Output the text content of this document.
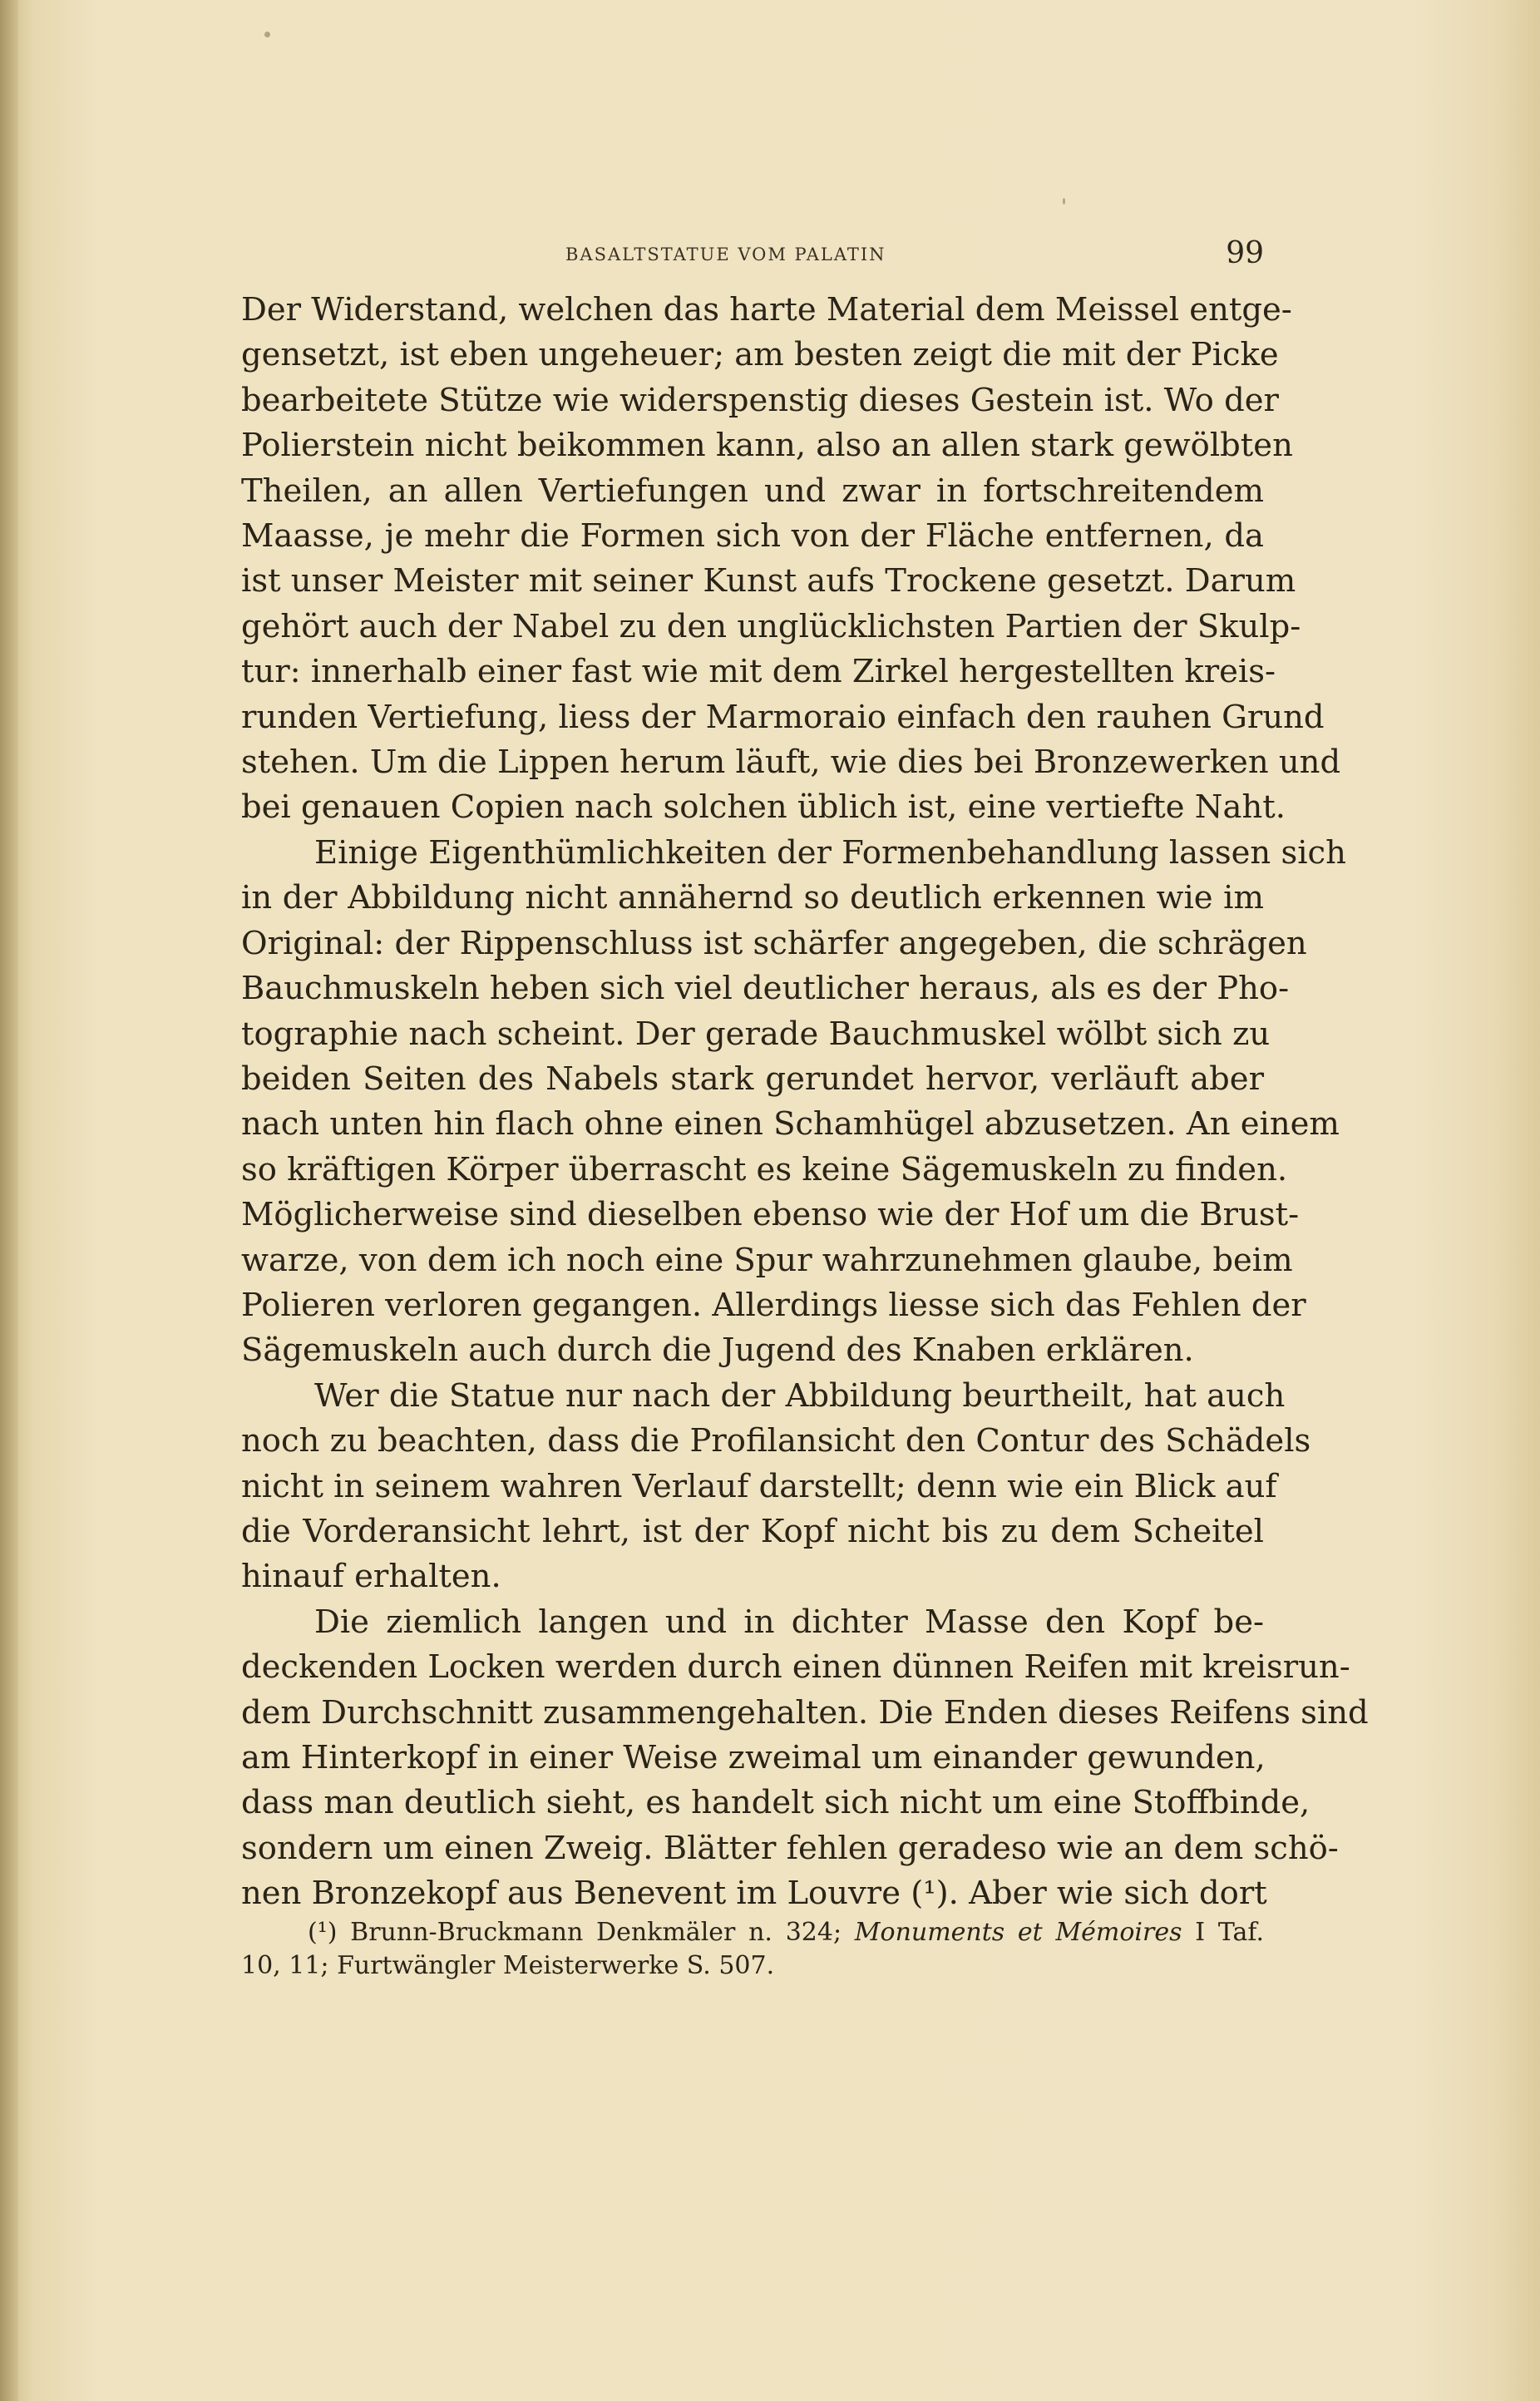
BASALTSTATUE VOM PALATIN	99
Der Widerstand, welchen das harte Material dem Meissel entge-
gensetzt, ist eben ungeheuer; am besten zeigt die mit der Picke
bearbeitete Stütze wie widerspenstig dieses Gestein ist. Wo der
Polierstein nicht beikommen kann, also an allen stark gewölbten
Theilen, an allen Vertiefungen und zwar in fortschreitendem
Maasse, je mehr die Formen sich von der Fläche entfernen, da
ist unser Meister mit seiner Kunst aufs Trockene gesetzt. Darum
gehört auch der Nabel zu den unglücklichsten Partien der Skulp-
tur: innerhalb einer fast wie mit dem Zirkel hergestellten kreis-
runden Vertiefung, liess der Marmoraio einfach den rauhen Grund
stehen. Um die Lippen herum läuft, wie dies bei Bronzewerken und
bei genauen Copien nach solchen üblich ist, eine vertiefte Naht.
Einige Eigenthümlichkeiten der Formenbehandlung lassen sich
in der Abbildung nicht annähernd so deutlich erkennen wie im
Original: der Rippenschluss ist schärfer angegeben, die schrägen
Bauchmuskeln heben sich viel deutlicher heraus, als es der Pho-
tographie nach scheint. Der gerade Bauchmuskel wölbt sich zu
beiden Seiten des Nabels stark gerundet hervor, verläuft aber
nach unten hin flach ohne einen Schamhügel abzusetzen. An einem
so kräftigen Körper überrascht es keine Sägemuskeln zu finden.
Möglicherweise sind dieselben ebenso wie der Hof um die Brust-
warze, von dem ich noch eine Spur wahrzunehmen glaube, beim
Polieren verloren gegangen. Allerdings liesse sich das Fehlen der
Sägemuskeln auch durch die Jugend des Knaben erklären.
Wer die Statue nur nach der Abbildung beurtheilt, hat auch
noch zu beachten, dass die Profilansicht den Contur des Schädels
nicht in seinem wahren Verlauf darstellt; denn wie ein Blick auf
die Vorderansicht lehrt, ist der Kopf nicht bis zu dem Scheitel
hinauf erhalten.
Die ziemlich langen und in dichter Masse den Kopf be-
deckenden Locken werden durch einen dünnen Reifen mit kreisrun-
dem Durchschnitt zusammengehalten. Die Enden dieses Reifens sind
am Hinterkopf in einer Weise zweimal um einander gewunden,
dass man deutlich sieht, es handelt sich nicht um eine Stoffbinde,
sondern um einen Zweig. Blätter fehlen geradeso wie an dem schö-
nen Bronzekopf aus Benevent im Louvre (¹). Aber wie sich dort
(¹) Brunn-Bruckmann Denkmäler n. 324; Monuments et Mémoires I Taf.
10, 11; Furtwängler Meisterwerke S. 507.
